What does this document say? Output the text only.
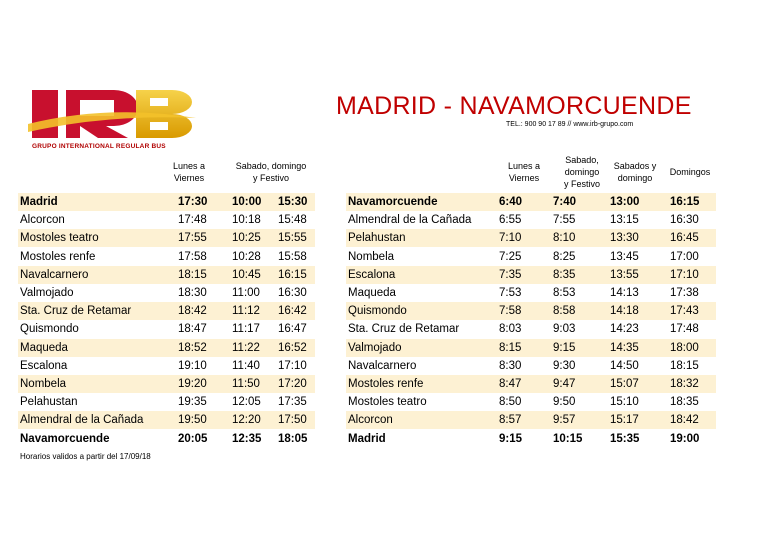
GRUPO INTERNATIONAL REGULAR BUS
MADRID - NAVAMORCUENDE
TEL.: 900 90 17 89 // www.irb-grupo.com
Lunes a
Viernes
Sabado, domingo
y Festivo
Madrid	17:30 10:00 15:30
Alcorcon	17:48 10:18 15:48
Mostoles teatro	17:55 10:25 15:55
Mostoles renfe	17:58 10:28 15:58
Navalcarnero	18:15 10:45 16:15
Valmojado	18:30 11:00 16:30
Sta. Cruz de Retamar	18:42 11:12 16:42
Quismondo	18:47 11:17 16:47
Maqueda	18:52 11:22 16:52
Escalona	19:10 11:40 17:10
Nombela	19:20 11:50 17:20
Pelahustan	19:35 12:05 17:35
Almendral de la Cañada	19:50 12:20 17:50
Navamorcuende	20:05 12:35 18:05
Lunes a
Viernes
Sabado,
domingo
y Festivo
Sabados y
domingo
Domingos
Navamorcuende	6:40	7:40	13:00	16:15
Almendral de la Cañada 6:55	7:55	13:15	16:30
Pelahustan	7:10	8:10	13:30	16:45
Nombela	7:25	8:25	13:45	17:00
Escalona	7:35	8:35	13:55	17:10
Maqueda	7:53	8:53	14:13	17:38
Quismondo	7:58	8:58	14:18	17:43
Sta. Cruz de Retamar	8:03	9:03	14:23	17:48
Valmojado	8:15	9:15	14:35	18:00
Navalcarnero	8:30	9:30	14:50	18:15
Mostoles renfe	8:47	9:47	15:07	18:32
Mostoles teatro	8:50	9:50	15:10	18:35
Alcorcon	8:57	9:57	15:17	18:42
Madrid	9:15	10:15 15:35	19:00
Horarios validos a partir del 17/09/18
